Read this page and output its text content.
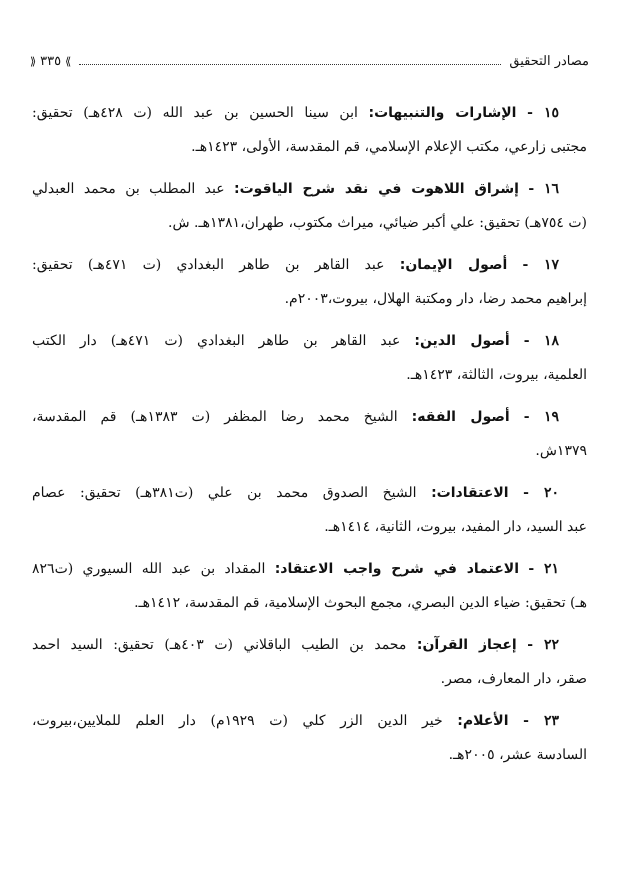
مصادر التحقيق
⟫
٣٣٥
⟪
١٥ - الإشارات والتنبيهات: ابن سينا الحسين بن عبد الله (ت ٤٢٨هـ) تحقيق:
مجتبى زارعي، مكتب الإعلام الإسلامي، قم المقدسة، الأولى، ١٤٢٣هـ.
١٦ - إشراق اللاهوت في نقد شرح الياقوت: عبد المطلب بن محمد العبدلي
(ت ٧٥٤هـ) تحقيق: علي أكبر ضيائي، ميراث مكتوب، طهران،١٣٨١هـ. ش.
١٧ - أصول الإيمان: عبد القاهر بن طاهر البغدادي (ت ٤٧١هـ) تحقيق:
إبراهيم محمد رضا، دار ومكتبة الهلال، بيروت،٢٠٠٣م.
١٨ - أصول الدين: عبد القاهر بن طاهر البغدادي (ت ٤٧١هـ) دار الكتب
العلمية، بيروت، الثالثة، ١٤٢٣هـ.
١٩ - أصول الفقه: الشيخ محمد رضا المظفر (ت ١٣٨٣هـ) قم المقدسة،
١٣٧٩ش.
٢٠ - الاعتقادات: الشيخ الصدوق محمد بن علي (ت٣٨١هـ) تحقيق: عصام
عبد السيد، دار المفيد، بيروت، الثانية، ١٤١٤هـ.
٢١ - الاعتماد في شرح واجب الاعتقاد: المقداد بن عبد الله السيوري (ت٨٢٦
هـ) تحقيق: ضياء الدين البصري، مجمع البحوث الإسلامية، قم المقدسة، ١٤١٢هـ.
٢٢ - إعجاز القرآن: محمد بن الطيب الباقلاني (ت ٤٠٣هـ) تحقيق: السيد احمد
صقر، دار المعارف، مصر.
٢٣ - الأعلام: خير الدين الزر كلي (ت ١٩٢٩م) دار العلم للملايين،بيروت،
السادسة عشر، ٢٠٠٥هـ.
